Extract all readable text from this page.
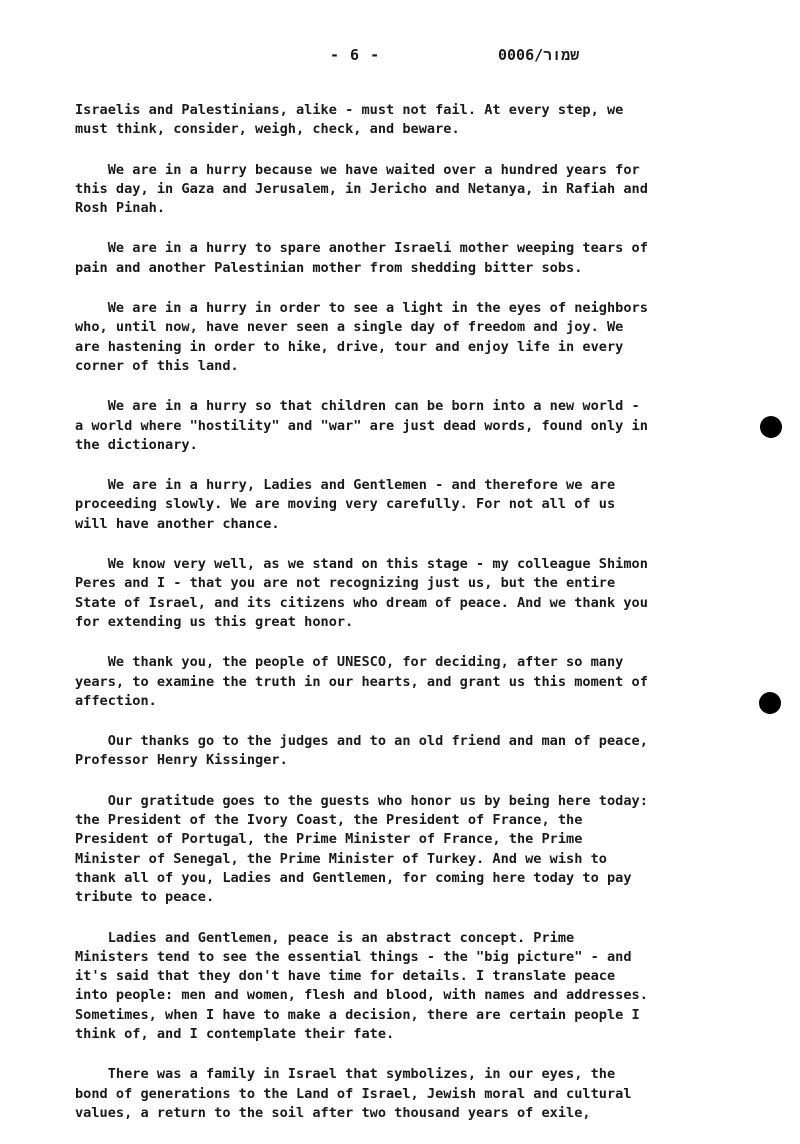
- 6 -	0006/שמור

Israelis and Palestinians, alike - must not fail. At every step, we
must think, consider, weigh, check, and beware.

We are in a hurry because we have waited over a hundred years for
this day, in Gaza and Jerusalem, in Jericho and Netanya, in Rafiah and
Rosh Pinah.

We are in a hurry to spare another Israeli mother weeping tears of
pain and another Palestinian mother from shedding bitter sobs.

We are in a hurry in order to see a light in the eyes of neighbors
who, until now, have never seen a single day of freedom and joy. We
are hastening in order to hike, drive, tour and enjoy life in every
corner of this land.

We are in a hurry so that children can be born into a new world -
a world where "hostility" and "war" are just dead words, found only in
the dictionary.

We are in a hurry, Ladies and Gentlemen - and therefore we are
proceeding slowly. We are moving very carefully. For not all of us
will have another chance.

We know very well, as we stand on this stage - my colleague Shimon
Peres and I - that you are not recognizing just us, but the entire
State of Israel, and its citizens who dream of peace. And we thank you
for extending us this great honor.

We thank you, the people of UNESCO, for deciding, after so many
years, to examine the truth in our hearts, and grant us this moment of
affection.

Our thanks go to the judges and to an old friend and man of peace,
Professor Henry Kissinger.

Our gratitude goes to the guests who honor us by being here today:
the President of the Ivory Coast, the President of France, the
President of Portugal, the Prime Minister of France, the Prime
Minister of Senegal, the Prime Minister of Turkey. And we wish to
thank all of you, Ladies and Gentlemen, for coming here today to pay
tribute to peace.

Ladies and Gentlemen, peace is an abstract concept. Prime
Ministers tend to see the essential things - the "big picture" - and
it's said that they don't have time for details. I translate peace
into people: men and women, flesh and blood, with names and addresses.
Sometimes, when I have to make a decision, there are certain people I
think of, and I contemplate their fate.

There was a family in Israel that symbolizes, in our eyes, the
bond of generations to the Land of Israel, Jewish moral and cultural
values, a return to the soil after two thousand years of exile,
